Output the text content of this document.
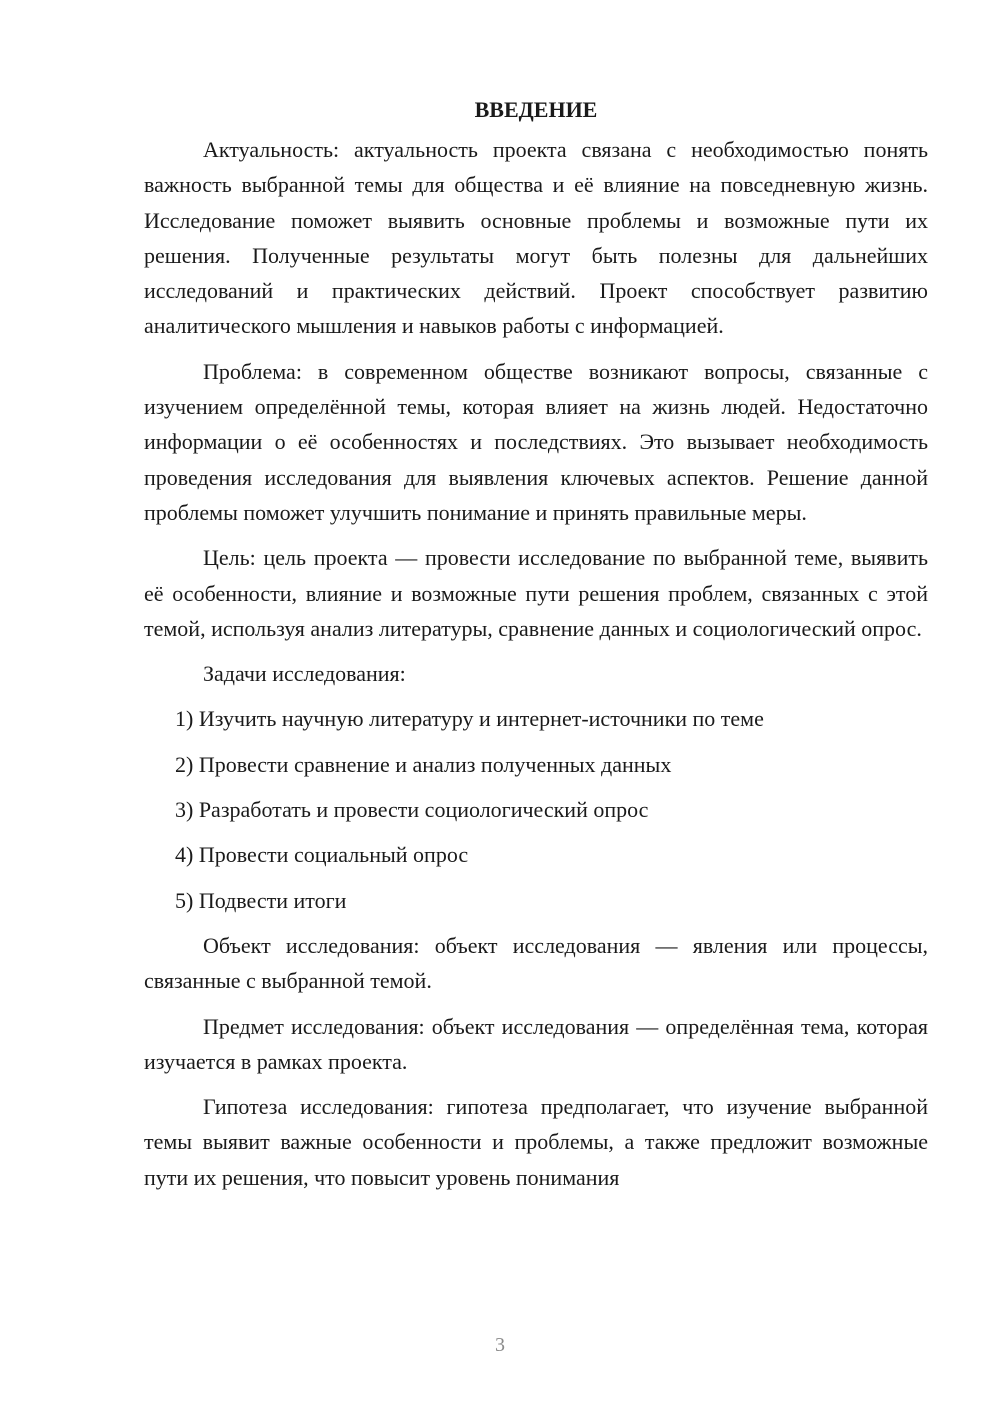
ВВЕДЕНИЕ

Актуальность: актуальность проекта связана с необходимостью понять важность выбранной темы для общества и её влияние на повседневную жизнь. Исследование поможет выявить основные проблемы и возможные пути их решения. Полученные результаты могут быть полезны для дальнейших исследований и практических действий. Проект способствует развитию аналитического мышления и навыков работы с информацией.

Проблема: в современном обществе возникают вопросы, связанные с изучением определённой темы, которая влияет на жизнь людей. Недостаточно информации о её особенностях и последствиях. Это вызывает необходимость проведения исследования для выявления ключевых аспектов. Решение данной проблемы поможет улучшить понимание и принять правильные меры.

Цель: цель проекта — провести исследование по выбранной теме, выявить её особенности, влияние и возможные пути решения проблем, связанных с этой темой, используя анализ литературы, сравнение данных и социологический опрос.

Задачи исследования:

1) Изучить научную литературу и интернет-источники по теме
2) Провести сравнение и анализ полученных данных
3) Разработать и провести социологический опрос
4) Провести социальный опрос
5) Подвести итоги

Объект исследования: объект исследования — явления или процессы, связанные с выбранной темой.

Предмет исследования: объект исследования — определённая тема, которая изучается в рамках проекта.

Гипотеза исследования: гипотеза предполагает, что изучение выбранной темы выявит важные особенности и проблемы, а также предложит возможные пути их решения, что повысит уровень понимания

3
